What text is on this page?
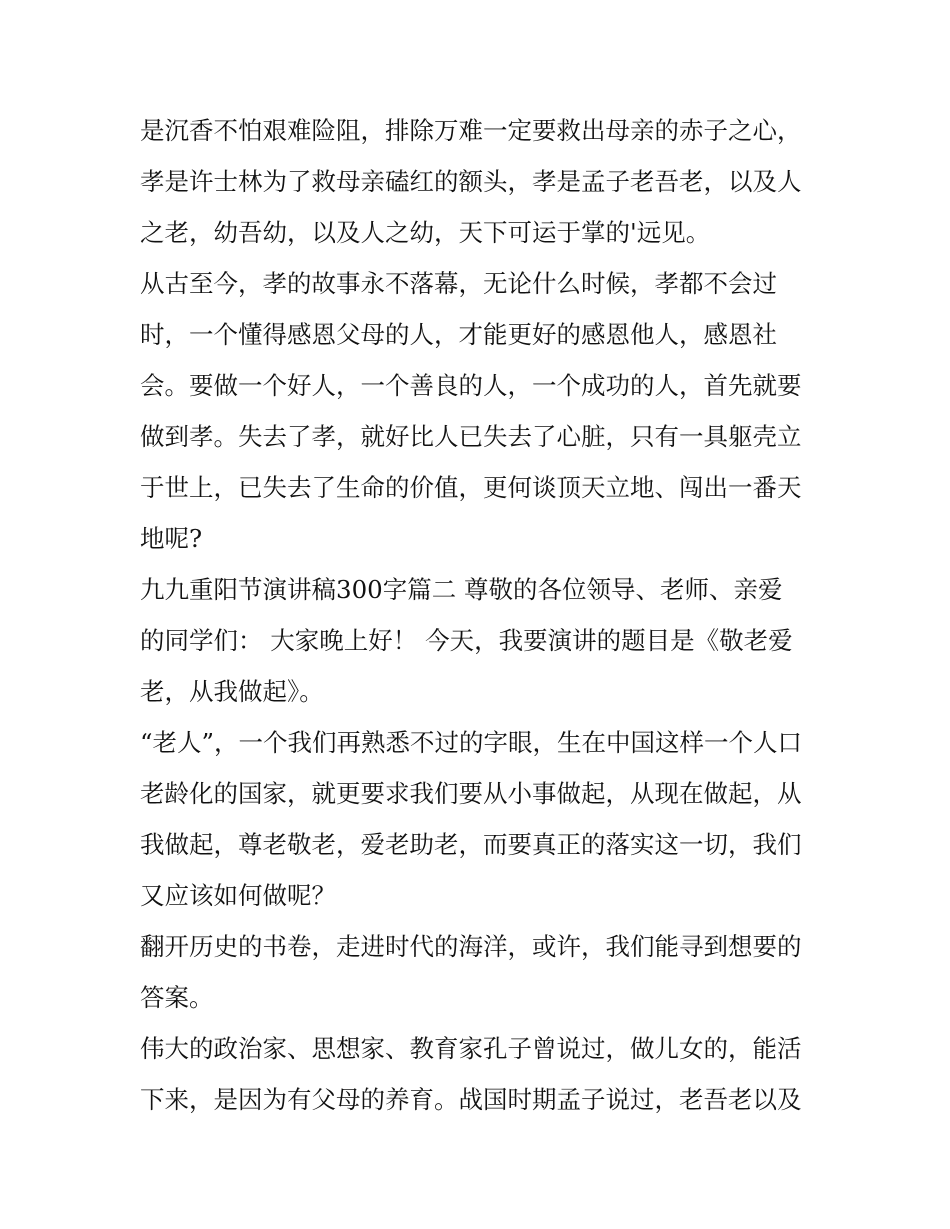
是沉香不怕艰难险阻，排除万难一定要救出母亲的赤子之心，
孝是许士林为了救母亲磕红的额头，孝是孟子老吾老，以及人
之老，幼吾幼，以及人之幼，天下可运于掌的'远见。
从古至今，孝的故事永不落幕，无论什么时候，孝都不会过
时，一个懂得感恩父母的人，才能更好的感恩他人，感恩社
会。要做一个好人，一个善良的人，一个成功的人，首先就要
做到孝。失去了孝，就好比人已失去了心脏，只有一具躯壳立
于世上，已失去了生命的价值，更何谈顶天立地、闯出一番天
地呢?
九九重阳节演讲稿300字篇二 尊敬的各位领导、老师、亲爱
的同学们： 大家晚上好！ 今天，我要演讲的题目是《敬老爱
老，从我做起》。
“老人”，一个我们再熟悉不过的字眼，生在中国这样一个人口
老龄化的国家，就更要求我们要从小事做起，从现在做起，从
我做起，尊老敬老，爱老助老，而要真正的落实这一切，我们
又应该如何做呢？
翻开历史的书卷，走进时代的海洋，或许，我们能寻到想要的
答案。
伟大的政治家、思想家、教育家孔子曾说过，做儿女的，能活
下来，是因为有父母的养育。战国时期孟子说过，老吾老以及
